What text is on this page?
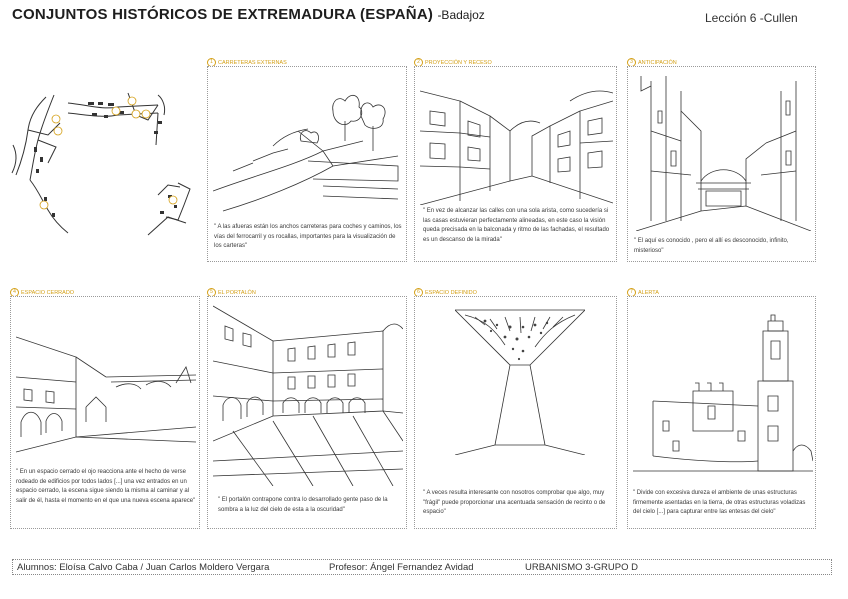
CONJUNTOS HISTÓRICOS DE EXTREMADURA (ESPAÑA) -Badajoz	Lección 6 -Cullen
1 CARRETERAS EXTERNAS
" A las afueras están los anchos carreteras para coches y caminos, los vías del ferrocarril y os rocallas, importantes para la visualización de los carteras"
2 PROYECCIÓN Y RECESO
" En vez de alcanzar las calles con una sola arista, como sucedería si las casas estuvieran perfectamente alineadas, en este caso la visión queda precisada en la balconada y ritmo de las fachadas, el resultado es un descanso de la mirada"
3 ANTICIPACIÓN
" El aquí es conocido , pero el allí es desconocido, infinito, misterioso"
4 ESPACIO CERRADO
" En un espacio cerrado el ojo reacciona ante el hecho de verse rodeado de edificios por todos lados [...] una vez entrados en un espacio cerrado, la escena sigue siendo la misma al caminar y al salir de él, hasta el momento en el que una nueva escena aparece"
5 EL PORTALÓN
" El portalón contrapone contra lo desarrollado gente paso de la sombra a la luz del cielo de esta a la oscuridad"
6 ESPACIO DEFINIDO
" A veces resulta interesante con nosotros comprobar que algo, muy "frágil" puede proporcionar una acentuada sensación de recinto o de espacio"
7 ALERTA
" Divide con excesiva dureza el ambiente de unas estructuras firmemente asentadas en la tierra, de otras estructuras voladizas del cielo [...] para capturar entre las entesas del cielo"
Alumnos: Eloísa Calvo Caba / Juan Carlos Moldero Vergara	Profesor: Ángel Fernandez Avidad	URBANISMO 3-GRUPO D
